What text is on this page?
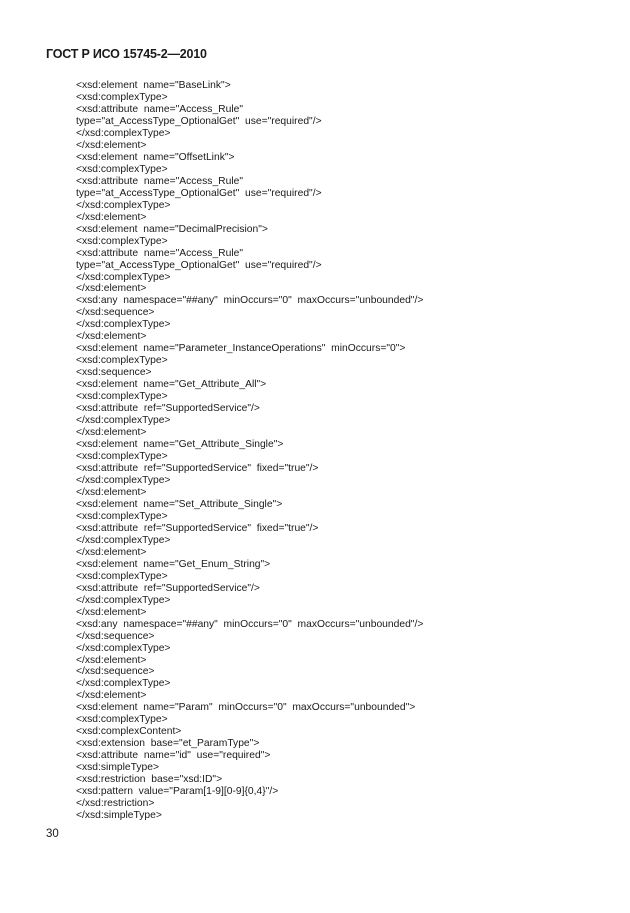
ГОСТ Р ИСО 15745-2—2010
<xsd:element  name="BaseLink">
<xsd:complexType>
<xsd:attribute  name="Access_Rule"
type="at_AccessType_OptionalGet"  use="required"/>
</xsd:complexType>
</xsd:element>
<xsd:element  name="OffsetLink">
<xsd:complexType>
<xsd:attribute  name="Access_Rule"
type="at_AccessType_OptionalGet"  use="required"/>
</xsd:complexType>
</xsd:element>
<xsd:element  name="DecimalPrecision">
<xsd:complexType>
<xsd:attribute  name="Access_Rule"
type="at_AccessType_OptionalGet"  use="required"/>
</xsd:complexType>
</xsd:element>
<xsd:any  namespace="##any"  minOccurs="0"  maxOccurs="unbounded"/>
</xsd:sequence>
</xsd:complexType>
</xsd:element>
<xsd:element  name="Parameter_InstanceOperations"  minOccurs="0">
<xsd:complexType>
<xsd:sequence>
<xsd:element  name="Get_Attribute_All">
<xsd:complexType>
<xsd:attribute  ref="SupportedService"/>
</xsd:complexType>
</xsd:element>
<xsd:element  name="Get_Attribute_Single">
<xsd:complexType>
<xsd:attribute  ref="SupportedService"  fixed="true"/>
</xsd:complexType>
</xsd:element>
<xsd:element  name="Set_Attribute_Single">
<xsd:complexType>
<xsd:attribute  ref="SupportedService"  fixed="true"/>
</xsd:complexType>
</xsd:element>
<xsd:element  name="Get_Enum_String">
<xsd:complexType>
<xsd:attribute  ref="SupportedService"/>
</xsd:complexType>
</xsd:element>
<xsd:any  namespace="##any"  minOccurs="0"  maxOccurs="unbounded"/>
</xsd:sequence>
</xsd:complexType>
</xsd:element>
</xsd:sequence>
</xsd:complexType>
</xsd:element>
<xsd:element  name="Param"  minOccurs="0"  maxOccurs="unbounded">
<xsd:complexType>
<xsd:complexContent>
<xsd:extension  base="et_ParamType">
<xsd:attribute  name="id"  use="required">
<xsd:simpleType>
<xsd:restriction  base="xsd:ID">
<xsd:pattern  value="Param[1-9][0-9]{0,4}"/>
</xsd:restriction>
</xsd:simpleType>
30
